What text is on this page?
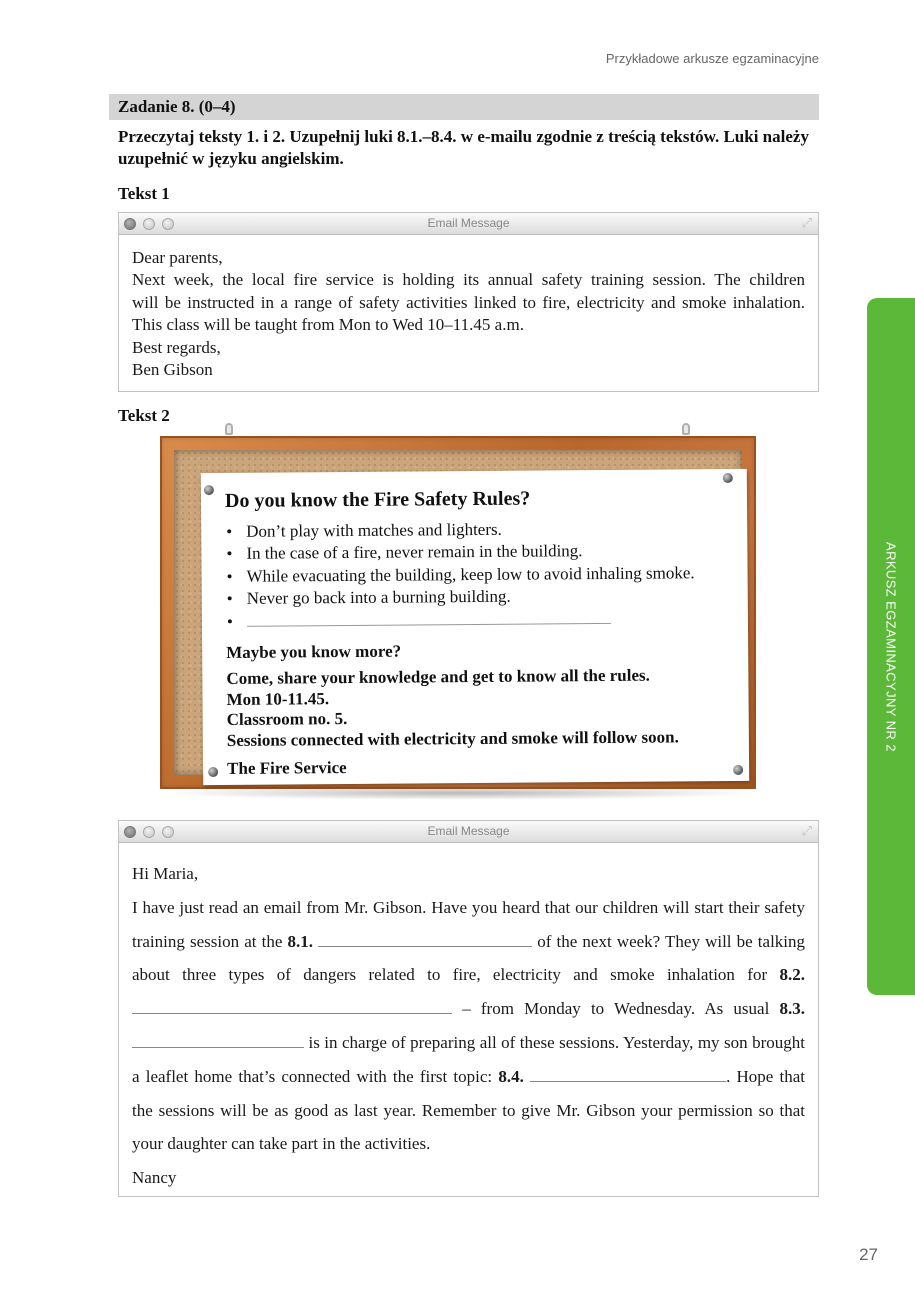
Przykładowe arkusze egzaminacyjne
Zadanie 8. (0–4)
Przeczytaj teksty 1. i 2. Uzupełnij luki 8.1.–8.4. w e-mailu zgodnie z treścią tekstów. Luki należy uzupełnić w języku angielskim.
Tekst 1
Email Message	⤢
Dear parents,
Next week, the local fire service is holding its annual safety training session. The children
will be instructed in a range of safety activities linked to fire, electricity and smoke inhalation.
This class will be taught from Mon to Wed 10–11.45 a.m.
Best regards,
Ben Gibson
Tekst 2
Do you know the Fire Safety Rules?
• Don’t play with matches and lighters.
• In the case of a fire, never remain in the building.
• While evacuating the building, keep low to avoid inhaling smoke.
• Never go back into a burning building.
•
Maybe you know more?
Come, share your knowledge and get to know all the rules.
Mon 10-11.45.
Classroom no. 5.
Sessions connected with electricity and smoke will follow soon.
The Fire Service
Email Message	⤢

Hi Maria,

I have just read an email from Mr. Gibson. Have you heard that our children will start their safety training session at the 8.1.	of the next week? They will be talking about three types of dangers related to fire, electricity and smoke inhalation for 8.2.  – from Monday to Wednesday. As usual 8.3.  is in charge of preparing all of these sessions. Yesterday, my son brought a leaflet home that’s connected with the first topic: 8.4.	. Hope that the sessions will be as good as last year. Remember to give Mr. Gibson your permission so that your daughter can take part in the activities.

Nancy

ARKUSZ EGZAMINACYJNY NR 2
27
